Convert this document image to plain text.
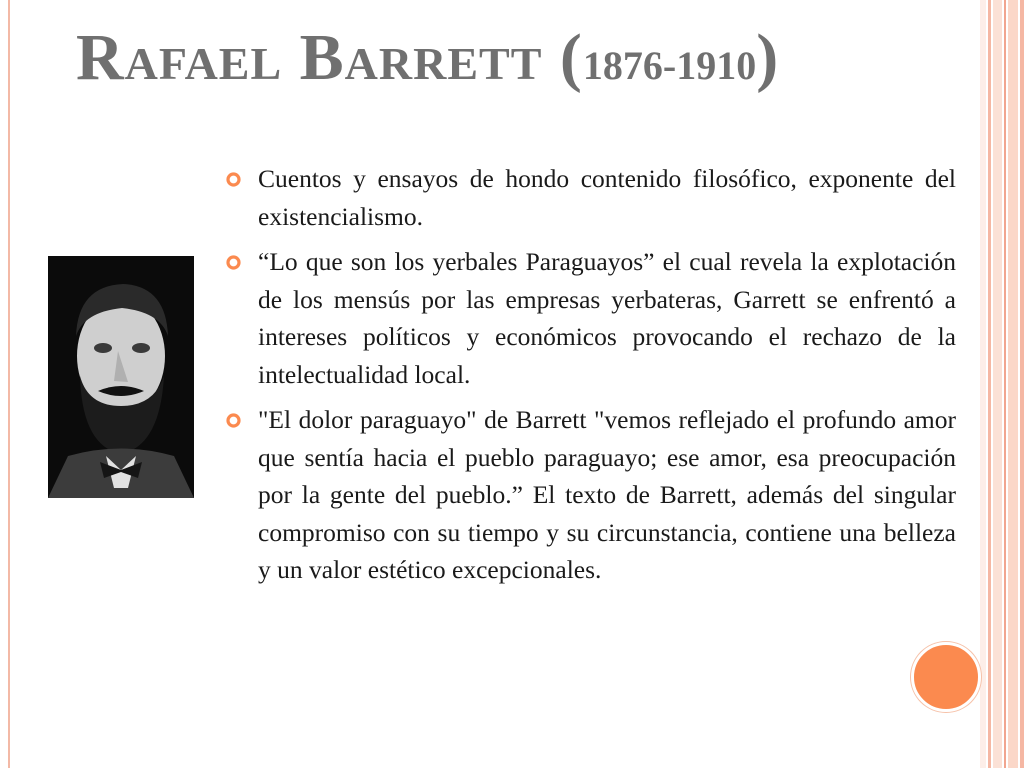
Rafael Barrett (1876-1910)
Cuentos y ensayos de hondo contenido filosófico, exponente del existencialismo.
“Lo que son los yerbales Paraguayos” el cual revela la explotación de los mensús por las empresas yerbateras, Garrett se enfrentó a intereses políticos y económicos provocando el rechazo de la intelectualidad local.
"El dolor paraguayo" de Barrett "vemos reflejado el profundo amor que sentía hacia el pueblo paraguayo; ese amor, esa preocupación por la gente del pueblo.” El texto de Barrett, además del singular compromiso con su tiempo y su circunstancia, contiene una belleza y un valor estético excepcionales.
